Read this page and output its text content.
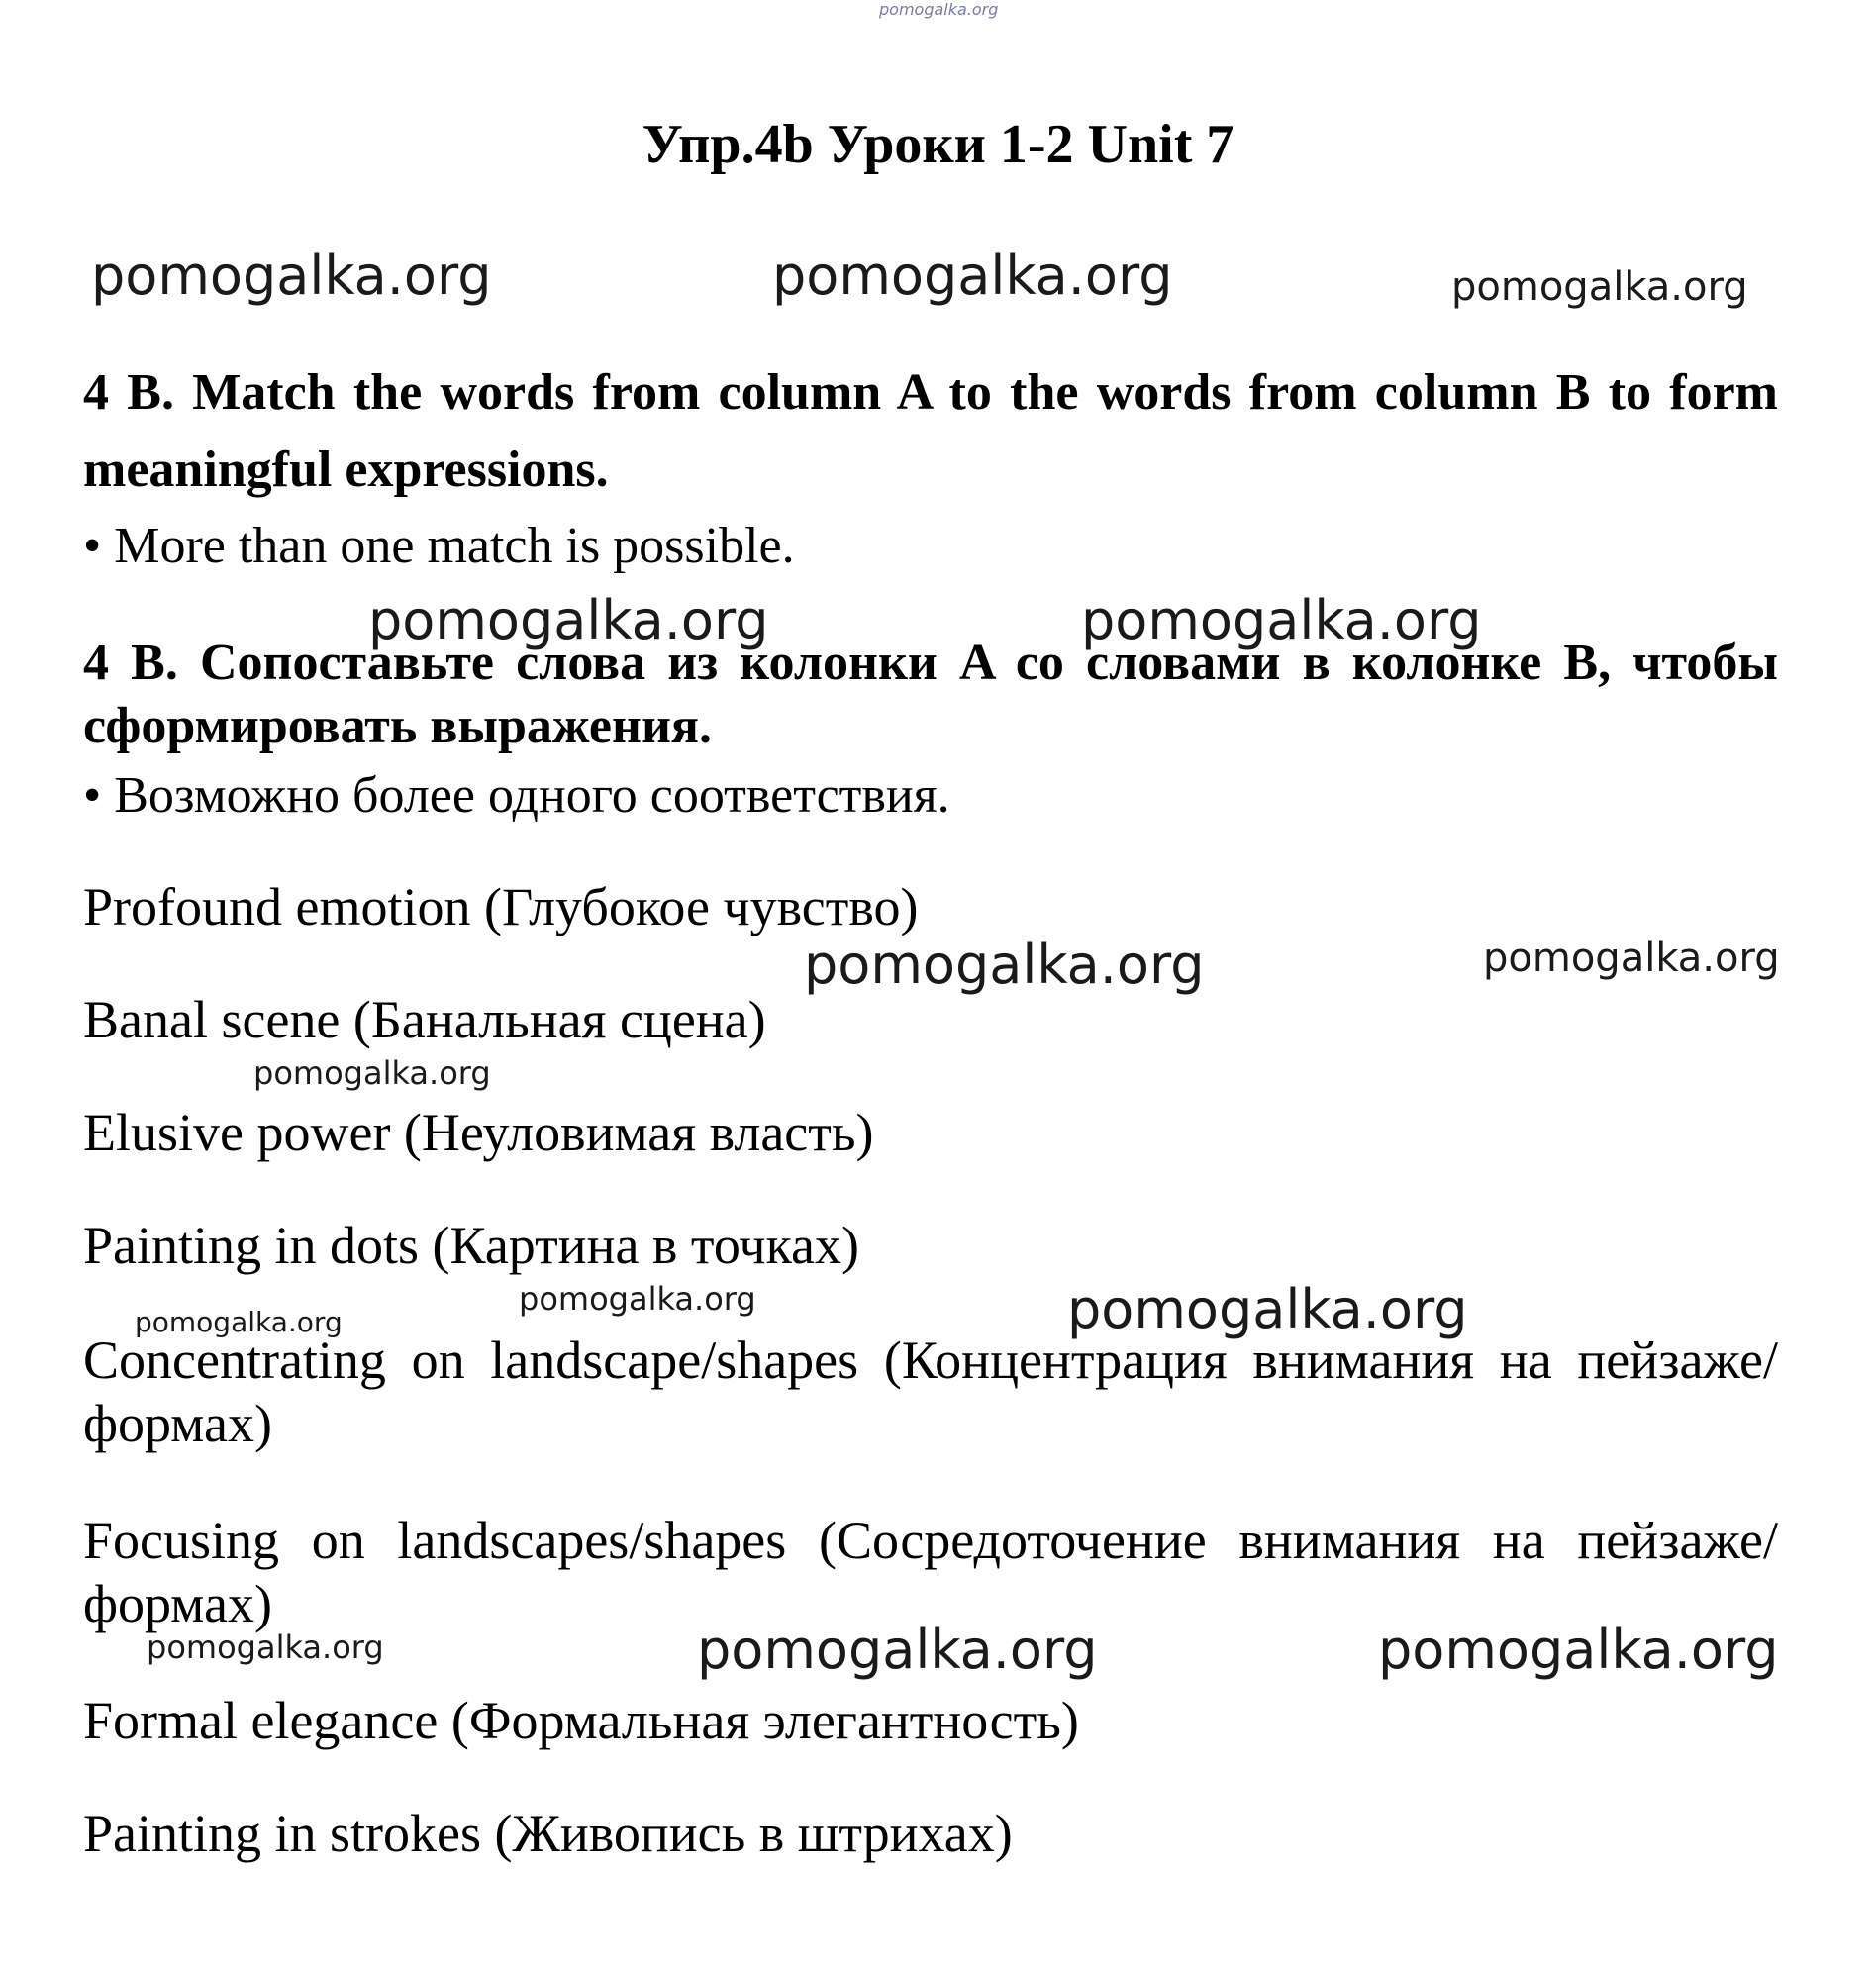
pomogalka.org
Упр.4b Уроки 1-2 Unit 7
pomogalka.org	pomogalka.org	pomogalka.org
4 B. Match the words from column A to the words from column B to form meaningful expressions.
• More than one match is possible.
pomogalka.org	pomogalka.org
4 B. Сопоставьте слова из колонки A со словами в колонке B, чтобы сформировать выражения.
• Возможно более одного соответствия.
Profound emotion (Глубокое чувство)
pomogalka.org	pomogalka.org
Banal scene (Банальная сцена)
pomogalka.org
Elusive power (Неуловимая власть)
Painting in dots (Картина в точках)
pomogalka.org	pomogalka.org
pomogalka.org
Concentrating on landscape/shapes (Концентрация внимания на пейзаже/формах)
Focusing on landscapes/shapes (Сосредоточение внимания на пейзаже/формах)
pomogalka.org	pomogalka.org	pomogalka.org
Formal elegance (Формальная элегантность)
Painting in strokes (Живопись в штрихах)
